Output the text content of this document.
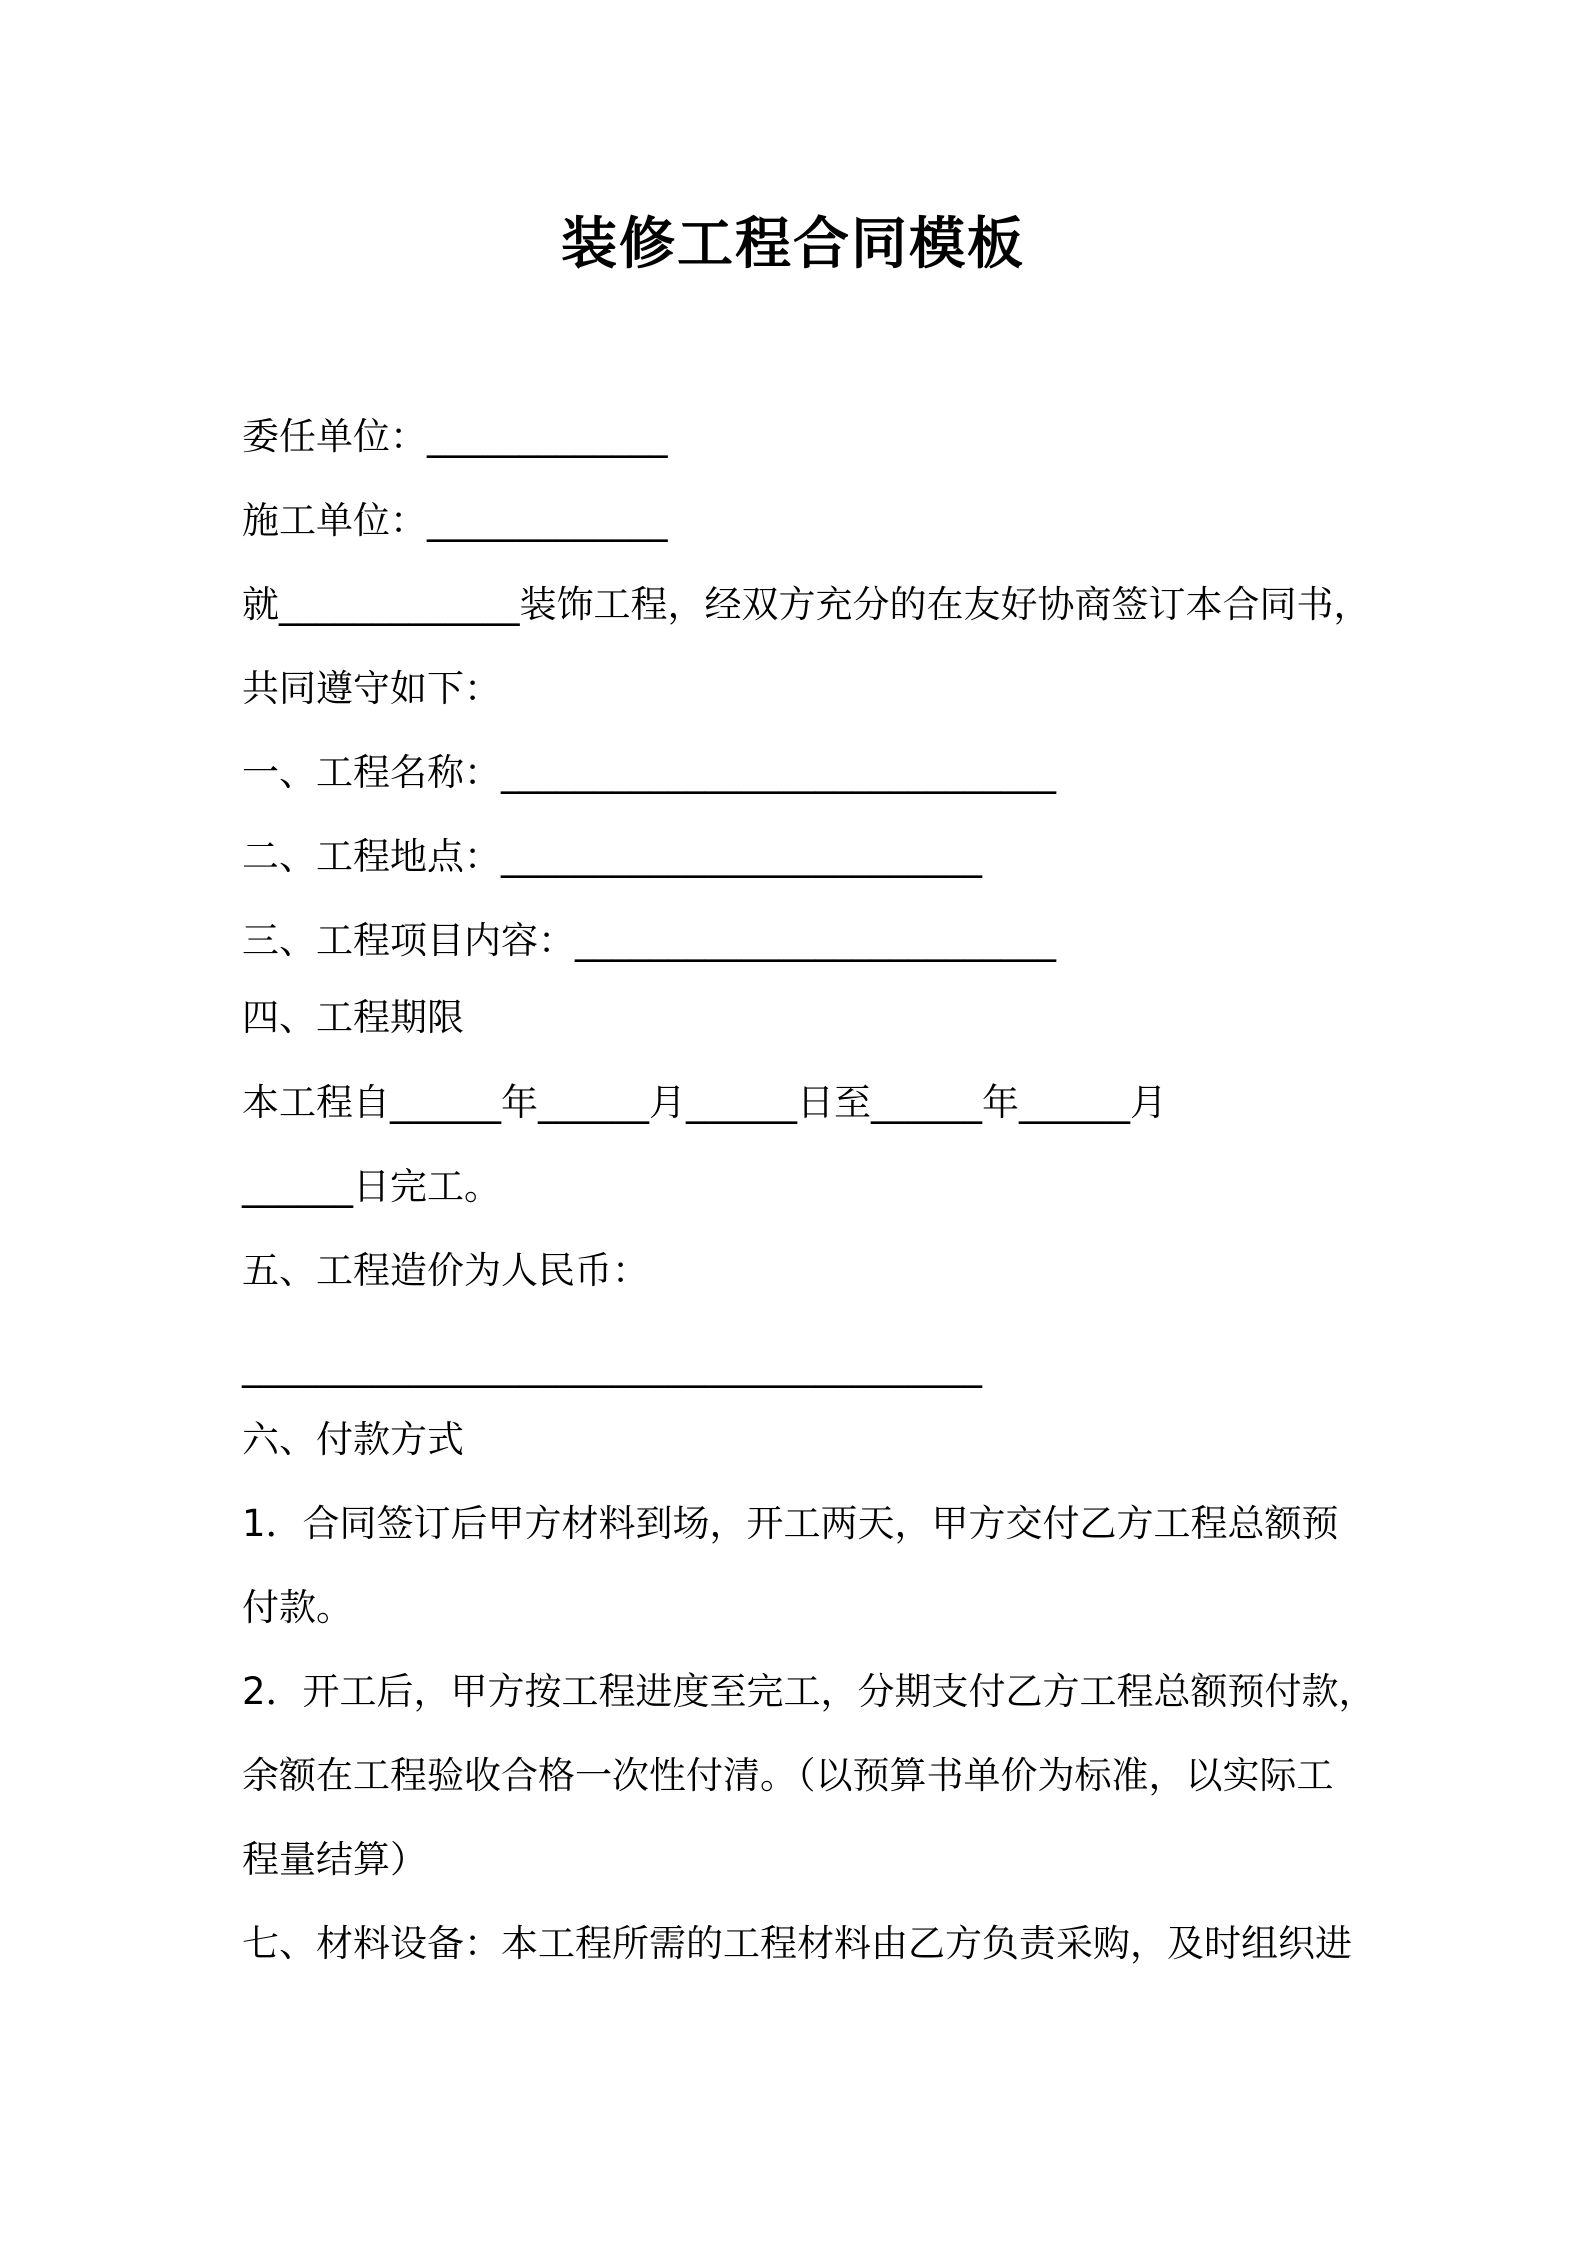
装修工程合同模板
委任单位：_____________
施工单位：_____________
就_____________装饰工程，经双方充分的在友好协商签订本合同书，
共同遵守如下：
一、工程名称：______________________________
二、工程地点：__________________________
三、工程项目内容：__________________________
四、工程期限
本工程自______年______月______日至______年______月
______日完工。
五、工程造价为人民币：
________________________________________
六、付款方式
1．合同签订后甲方材料到场，开工两天，甲方交付乙方工程总额预
付款。
2．开工后，甲方按工程进度至完工，分期支付乙方工程总额预付款，
余额在工程验收合格一次性付清。（以预算书单价为标准，以实际工
程量结算）
七、材料设备：本工程所需的工程材料由乙方负责采购，及时组织进
